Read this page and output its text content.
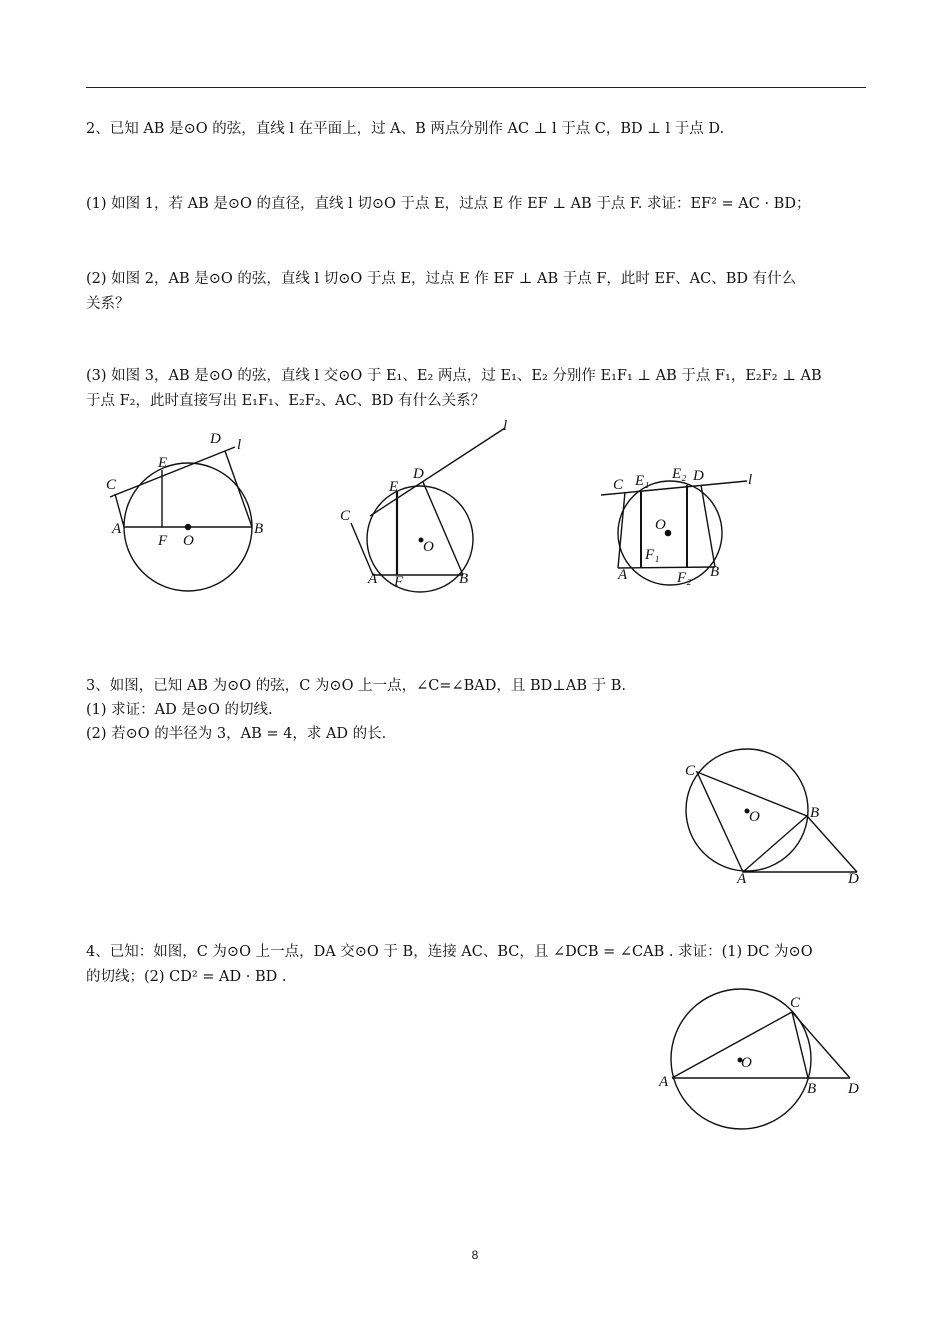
2、已知 AB 是⊙O 的弦，直线 l 在平面上，过 A、B 两点分别作 AC ⊥ l 于点 C，BD ⊥ l 于点 D.
(1) 如图 1，若 AB 是⊙O 的直径，直线 l 切⊙O 于点 E，过点 E 作 EF ⊥ AB 于点 F. 求证：EF² = AC · BD；
(2) 如图 2，AB 是⊙O 的弦，直线 l 切⊙O 于点 E，过点 E 作 EF ⊥ AB 于点 F，此时 EF、AC、BD 有什么
关系？
(3) 如图 3，AB 是⊙O 的弦，直线 l 交⊙O 于 E₁、E₂ 两点，过 E₁、E₂ 分别作 E₁F₁ ⊥ AB 于点 F₁，E₂F₂ ⊥ AB
于点 F₂，此时直接写出 E₁F₁、E₂F₂、AC、BD 有什么关系？
D l
E
C
A
F O
B
l
D
E
C
O
A F	B
C E₁ E₂ D	l
O
F₁
A	F₂ B
3、如图，已知 AB 为⊙O 的弦，C 为⊙O 上一点，∠C=∠BAD，且 BD⊥AB 于 B.
(1) 求证：AD 是⊙O 的切线.
(2) 若⊙O 的半径为 3，AB = 4，求 AD 的长.
C
O	B
A	D
4、已知：如图，C 为⊙O 上一点，DA 交⊙O 于 B，连接 AC、BC，且 ∠DCB = ∠CAB . 求证：(1) DC 为⊙O
的切线；(2) CD² = AD · BD .
C
O
A	B D
8
